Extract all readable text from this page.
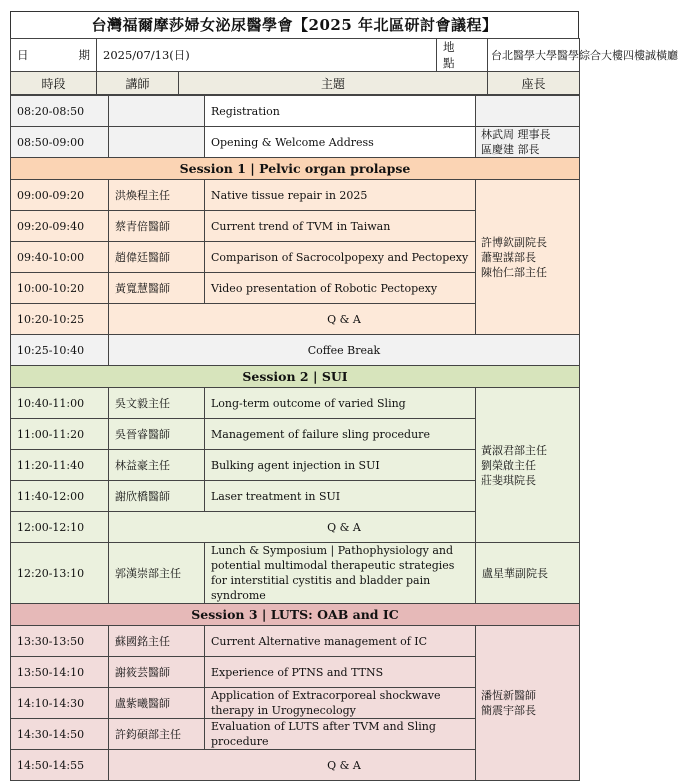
台灣福爾摩莎婦女泌尿醫學會【2025 年北區研討會議程】
日　　期	2025/07/13(日)		地　　點	台北醫學大學醫學綜合大樓四樓誠橫廳
時段	講師	主題		座長
08:20-08:50		Registration	
08:50-09:00		Opening & Welcome Address	林武周 理事長
區慶建 部長

Session 1 | Pelvic organ prolapse			
09:00-09:20	洪煥程主任	Native tissue repair in 2025	許博欽副院長
蕭聖謀部長
陳怡仁部主任

09:20-09:40	蔡青倍醫師	Current trend of TVM in Taiwan	
09:40-10:00	趙偉廷醫師	Comparison of Sacrocolpopexy and Pectopexy	
10:00-10:20	黃寬慧醫師	Video presentation of Robotic Pectopexy	
10:20-10:25	Q & A		
10:25-10:40	Coffee Break		
Session 2 | SUI			
10:40-11:00	吳文毅主任	Long-term outcome of varied Sling	黃淑君部主任
劉榮啟主任
莊斐琪院長

11:00-11:20	吳晉睿醫師	Management of failure sling procedure	
11:20-11:40	林益豪主任	Bulking agent injection in SUI	
11:40-12:00	謝欣橋醫師	Laser treatment in SUI	
12:00-12:10	Q & A		
12:20-13:10	郭漢崇部主任	Lunch & Symposium | Pathophysiology and potential multimodal therapeutic strategies for interstitial cystitis and bladder pain syndrome	盧星華副院長
Session 3 | LUTS: OAB and IC			
13:30-13:50	蘇國銘主任	Current Alternative management of IC	潘恆新醫師
簡震宇部長

13:50-14:10	謝筱芸醫師	Experience of PTNS and TTNS	
14:10-14:30	盧紫曦醫師	Application of Extracorporeal shockwave therapy in Urogynecology	
14:30-14:50	許鈞碩部主任	Evaluation of LUTS after TVM and Sling procedure	
14:50-14:55	Q & A		
